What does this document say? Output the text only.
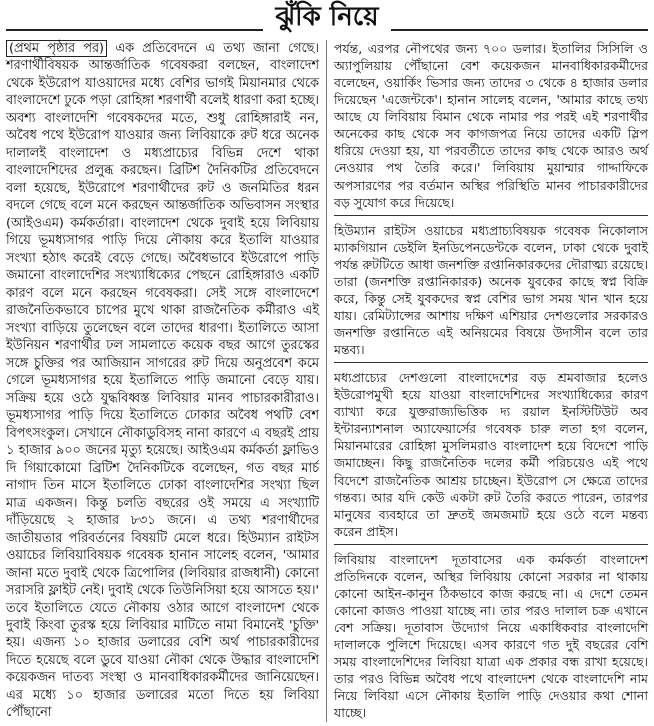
ঝুঁকি নিয়ে

(প্রথম পৃষ্ঠার পর) এক প্রতিবেদনে এ তথ্য জানা গেছে। শরণার্থীবিষয়ক আন্তর্জাতিক গবেষকরা বলছেন, বাংলাদেশ থেকে ইউরোপ যাওয়াদের মধ্যে বেশির ভাগই মিয়ানমার থেকে বাংলাদেশে ঢুকে পড়া রোহিঙ্গা শরণার্থী বলেই ধারণা করা হচ্ছে। অবশ্য বাংলাদেশি গবেষকদের মতে, শুধু রোহিঙ্গারাই নন, অবৈধ পথে ইউরোপ যাওয়ার জন্য লিবিয়াকে রুট ধরে অনেক দালালই বাংলাদেশ ও মধ্যপ্রাচ্যের বিভিন্ন দেশে থাকা বাংলাদেশিদের প্রলুব্ধ করছেন। ব্রিটিশ দৈনিকটির প্রতিবেদনে বলা হয়েছে, ইউরোপে শরণার্থীদের রুট ও জনমিতির ধরন বদলে গেছে বলে মনে করছেন আন্তর্জাতিক অভিবাসন সংস্থার (আইওএম) কর্মকর্তারা। বাংলাদেশ থেকে দুবাই হয়ে লিবিয়ায় গিয়ে ভূমধ্যসাগর পাড়ি দিয়ে নৌকায় করে ইতালি যাওয়ার সংখ্যা হঠাৎ করেই বেড়ে গেছে। অবৈধভাবে ইউরোপে পাড়ি জমানো বাংলাদেশির সংখ্যাধিক্যের পেছনে রোহিঙ্গারাও একটি কারণ বলে মনে করছেন গবেষকরা। সেই সঙ্গে বাংলাদেশে রাজনৈতিকভাবে চাপের মুখে থাকা রাজনৈতিক কর্মীরাও এই সংখ্যা বাড়িয়ে তুলেছেন বলে তাদের ধারণা। ইতালিতে আসা ইউনিয়ন শরণার্থীর ঢল সামলাতে কয়েক বছর আগে তুরস্কের সঙ্গে চুক্তির পর আজিয়ান সাগরের রুট দিয়ে অনুপ্রবেশ কমে গেলে ভূমধ্যসাগর হয়ে ইতালিতে পাড়ি জমানো বেড়ে যায়। সক্রিয় হয়ে ওঠে যুদ্ধবিধ্বস্ত লিবিয়ার মানব পাচারকারীরাও। ভূমধ্যসাগর পাড়ি দিয়ে ইতালিতে ঢোকার অবৈধ পথটি বেশ বিপৎসংকুল। সেখানে নৌকাডুবিসহ নানা কারণে এ বছরই প্রায় ১ হাজার ৯০০ জনের মৃত্যু হয়েছে। আইওএম কর্মকর্তা ফ্লাভিও দি গিয়াকোমো ব্রিটিশ দৈনিকটিকে বলেছেন, গত বছর মার্চ নাগাদ তিন মাসে ইতালিতে ঢোকা বাংলাদেশির সংখ্যা ছিল মাত্র একজন। কিন্তু চলতি বছরের ওই সময়ে এ সংখ্যাটি দাঁড়িয়েছে ২ হাজার ৮৩১ জনে। এ তথ্য শরণার্থীদের জাতীয়তার পরিবর্তনের বিষয়টি মেলে ধরে। হিউম্যান রাইটস ওয়াচের লিবিয়াবিষয়ক গবেষক হানান সালেহ বলেন, 'আমার জানা মতে দুবাই থেকে ত্রিপোলির (লিবিয়ার রাজধানী) কোনো সরাসরি ফ্লাইট নেই। দুবাই থেকে তিউনিসিয়া হয়ে আসতে হয়।' তবে ইতালিতে যেতে নৌকায় ওঠার আগে বাংলাদেশ থেকে দুবাই কিংবা তুরস্ক হয়ে লিবিয়ার মাটিতে নামা বিমানেই 'চুক্তি' হয়। এজন্য ১০ হাজার ডলারের বেশি অর্থ পাচারকারীদের দিতে হয়েছে বলে ডুবে যাওয়া নৌকা থেকে উদ্ধার বাংলাদেশি কয়েকজন দাতব্য সংস্থা ও মানবাধিকারকর্মীদের জানিয়েছেন। এর মধ্যে ১০ হাজার ডলারের মতো দিতে হয় লিবিয়া পৌঁছানো

পর্যন্ত, এরপর নৌপথের জন্য ৭০০ ডলার। ইতালির সিসিলি ও অ্যাপুলিয়ায় পৌঁছানো বেশ কয়েকজন মানবাধিকারকর্মীদের বলেছেন, ওয়ার্কিং ভিসার জন্য তাদের ৩ থেকে ৪ হাজার ডলার দিয়েছেন 'এজেন্টকে'। হানান সালেহ বলেন, 'আমার কাছে তথ্য আছে যে লিবিয়ায় বিমান থেকে নামার পর পরই এই শরণার্থীর অনেকের কাছ থেকে সব কাগজপত্র নিয়ে তাদের একটি স্লিপ ধরিয়ে দেওয়া হয়, যা পরবর্তীতে তাদের কাছ থেকে আরও অর্থ নেওয়ার পথ তৈরি করে।' লিবিয়ায় মুয়াম্মার গাদ্দাফিকে অপসারণের পর বর্তমান অস্থির পরিস্থিতি মানব পাচারকারীদের বড় সুযোগ করে দিয়েছে।

হিউম্যান রাইটস ওয়াচের মধ্যপ্রাচ্যবিষয়ক গবেষক নিকোলাস ম্যাকগিয়ান ডেইলি ইনডিপেনডেন্টকে বলেন, ঢাকা থেকে দুবাই পর্যন্ত রুটটিতে আধা জনশক্তি রপ্তানিকারকদের দৌরাত্ম্য রয়েছে। তারা (জনশক্তি রপ্তানিকারক) অনেক যুবকের কাছে স্বপ্ন বিক্রি করে, কিন্তু সেই যুবকদের স্বপ্ন বেশির ভাগ সময় খান খান হয়ে যায়। রেমিট্যান্সের আশায় দক্ষিণ এশিয়ার দেশগুলোর সরকারও জনশক্তি রপ্তানিতে এই অনিয়মের বিষয়ে উদাসীন বলে তার মন্তব্য।

মধ্যপ্রাচ্যের দেশগুলো বাংলাদেশের বড় শ্রমবাজার হলেও ইউরোপমুখী হয়ে যাওয়া বাংলাদেশিদের সংখ্যাধিক্যের কারণ ব্যাখ্যা করে যুক্তরাজ্যভিত্তিক দ্য রয়াল ইনস্টিটিউট অব ইন্টারন্যাশনাল অ্যাফেয়ার্সের গবেষক চারু লতা হগ বলেন, মিয়ানমারের রোহিঙ্গা মুসলিমরাও বাংলাদেশ হয়ে বিদেশে পাড়ি জমাচ্ছেন। কিছু রাজনৈতিক দলের কর্মী পরিচয়েও এই পথে বিদেশে রাজনৈতিক আশ্রয় চাচ্ছেন। ইউরোপ সে ক্ষেত্রে তাদের গন্তব্য। আর যদি কেউ একটা রুট তৈরি করতে পারেন, তারপর মানুষের ব্যবহারে তা দ্রুতই জমজমাট হয়ে ওঠে বলে মন্তব্য করেন প্রাইস।

লিবিয়ায় বাংলাদেশ দূতাবাসের এক কর্মকর্তা বাংলাদেশ প্রতিদিনকে বলেন, অস্থির লিবিয়ায় কোনো সরকার না থাকায় কোনো আইন-কানুন ঠিকভাবে কাজ করছে না। এ দেশে তেমন কোনো কাজও পাওয়া যাচ্ছে না। তার পরও দালাল চক্র এখানে বেশ সক্রিয়। দূতাবাস উদ্যোগ নিয়ে একাধিকবার বাংলাদেশি দালালকে পুলিশে দিয়েছে। এসব কারণে গত দুই বছরের বেশি সময় বাংলাদেশিদের লিবিয়া যাত্রা এক প্রকার বন্ধ রাখা হয়েছে। তার পরও বিভিন্ন অবৈধ পথে বাংলাদেশ থেকে বাংলাদেশি নাম নিয়ে লিবিয়া এসে নৌকায় ইতালি পাড়ি দেওয়ার কথা শোনা যাচ্ছে।
